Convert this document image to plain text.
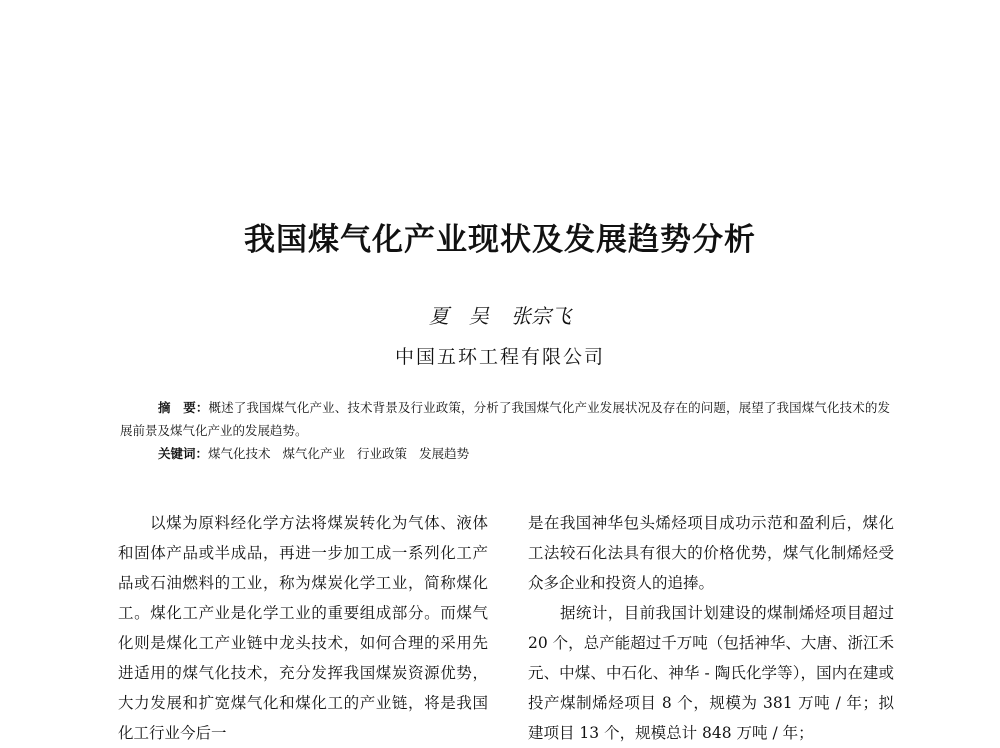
我国煤气化产业现状及发展趋势分析
夏　吴 张宗飞
中国五环工程有限公司

摘　要：概述了我国煤气化产业、技术背景及行业政策，分析了我国煤气化产业发展状况及存在的问题，展望了我国煤气化技术的发展前景及煤气化产业的发展趋势。

关键词：煤气化技术 煤气化产业 行业政策 发展趋势

以煤为原料经化学方法将煤炭转化为气体、液体和固体产品或半成品，再进一步加工成一系列化工产品或石油燃料的工业，称为煤炭化学工业，简称煤化工。煤化工产业是化学工业的重要组成部分。而煤气化则是煤化工产业链中龙头技术，如何合理的采用先进适用的煤气化技术，充分发挥我国煤炭资源优势，大力发展和扩宽煤气化和煤化工的产业链，将是我国化工行业今后一

是在我国神华包头烯烃项目成功示范和盈利后，煤化工法较石化法具有很大的价格优势，煤气化制烯烃受众多企业和投资人的追捧。

据统计，目前我国计划建设的煤制烯烃项目超过 20 个，总产能超过千万吨（包括神华、大唐、浙江禾元、中煤、中石化、神华 - 陶氏化学等），国内在建或投产煤制烯烃项目 8 个，规模为 381 万吨 / 年；拟建项目 13 个，规模总计 848 万吨 / 年；
